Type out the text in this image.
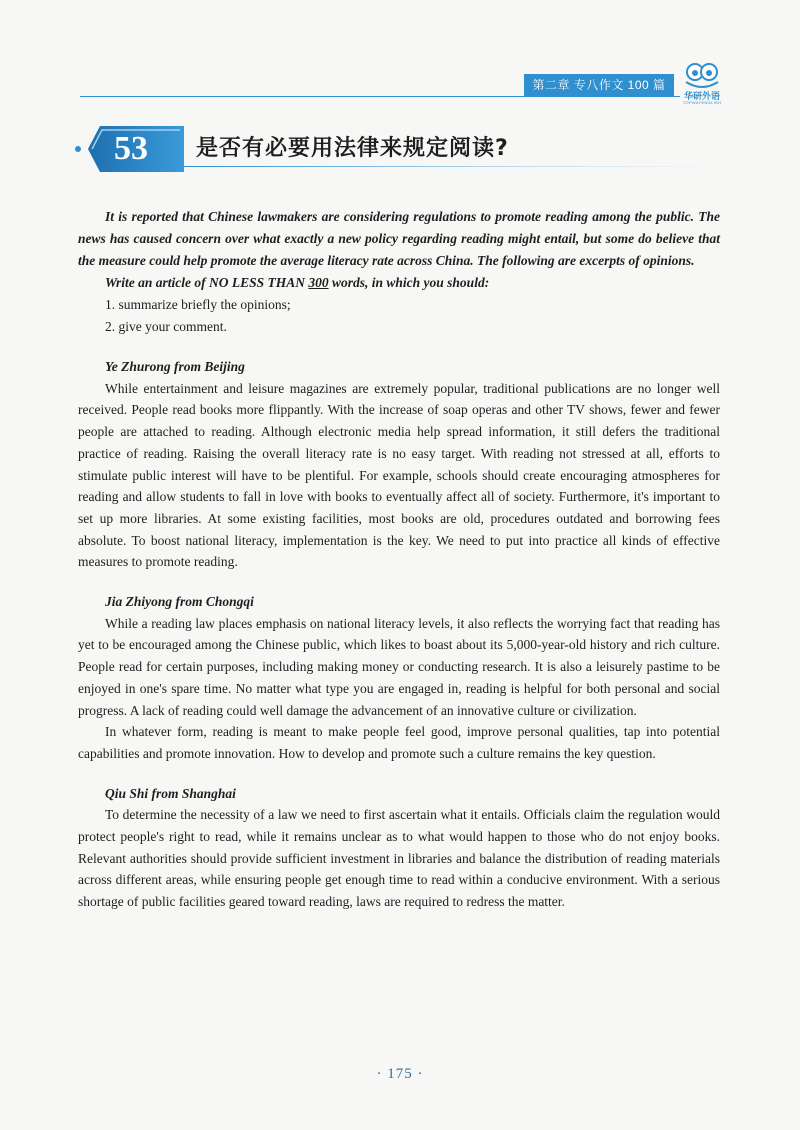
第二章 专八作文 100 篇
华研外语
TOPWAYENGLISH
53	是否有必要用法律来规定阅读?

It is reported that Chinese lawmakers are considering regulations to promote reading among the public. The news has caused concern over what exactly a new policy regarding reading might entail, but some do believe that the measure could help promote the average literacy rate across China. The following are excerpts of opinions.

Write an article of NO LESS THAN 300 words, in which you should:

1. summarize briefly the opinions;
2. give your comment.

Ye Zhurong from Beijing

While entertainment and leisure magazines are extremely popular, traditional publications are no longer well received. People read books more flippantly. With the increase of soap operas and other TV shows, fewer and fewer people are attached to reading. Although electronic media help spread information, it still defers the traditional practice of reading. Raising the overall literacy rate is no easy target. With reading not stressed at all, efforts to stimulate public interest will have to be plentiful. For example, schools should create encouraging atmospheres for reading and allow students to fall in love with books to eventually affect all of society. Furthermore, it's important to set up more libraries. At some existing facilities, most books are old, procedures outdated and borrowing fees absolute. To boost national literacy, implementation is the key. We need to put into practice all kinds of effective measures to promote reading.

Jia Zhiyong from Chongqi

While a reading law places emphasis on national literacy levels, it also reflects the worrying fact that reading has yet to be encouraged among the Chinese public, which likes to boast about its 5,000-year-old history and rich culture. People read for certain purposes, including making money or conducting research. It is also a leisurely pastime to be enjoyed in one's spare time. No matter what type you are engaged in, reading is helpful for both personal and social progress. A lack of reading could well damage the advancement of an innovative culture or civilization.

In whatever form, reading is meant to make people feel good, improve personal qualities, tap into potential capabilities and promote innovation. How to develop and promote such a culture remains the key question.

Qiu Shi from Shanghai

To determine the necessity of a law we need to first ascertain what it entails. Officials claim the regulation would protect people's right to read, while it remains unclear as to what would happen to those who do not enjoy books. Relevant authorities should provide sufficient investment in libraries and balance the distribution of reading materials across different areas, while ensuring people get enough time to read within a conducive environment. With a serious shortage of public facilities geared toward reading, laws are required to redress the matter.

· 175 ·
